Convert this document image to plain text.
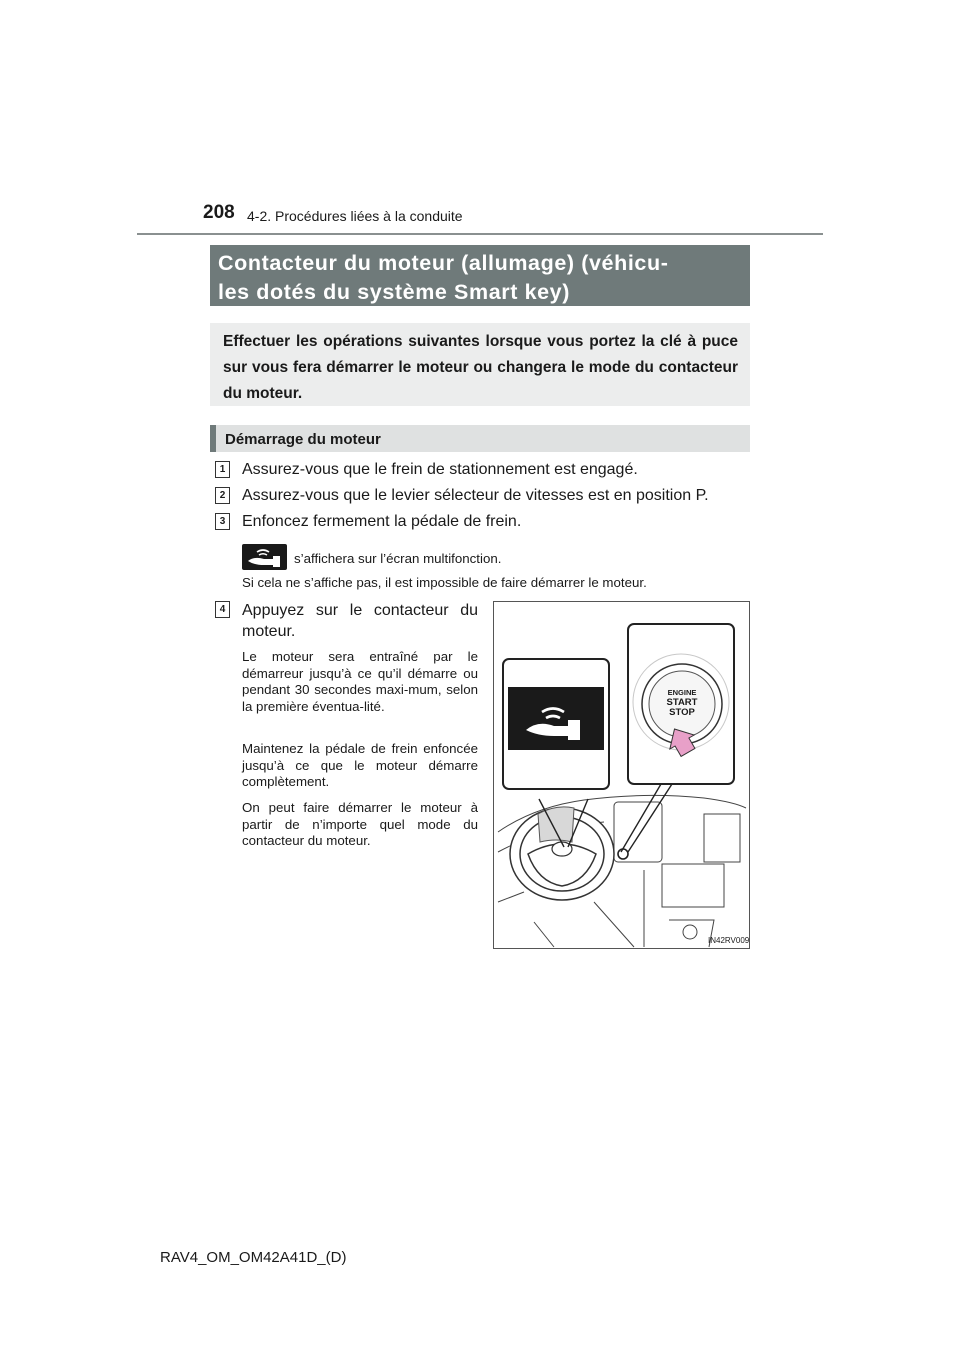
208 4-2. Procédures liées à la conduite
Contacteur du moteur (allumage) (véhicu-
les dotés du système Smart key)
Effectuer les opérations suivantes lorsque vous portez la clé à puce sur vous fera démarrer le moteur ou changera le mode du contacteur du moteur.
Démarrage du moteur
1 Assurez-vous que le frein de stationnement est engagé.
2 Assurez-vous que le levier sélecteur de vitesses est en position P.
3 Enfoncez fermement la pédale de frein.
s’affichera sur l’écran multifonction.
Si cela ne s’affiche pas, il est impossible de faire démarrer le moteur.
4 Appuyez sur le contacteur du
moteur.
Le moteur sera entraîné par le démarreur jusqu’à ce qu’il démarre ou pendant 30 secondes maxi-mum, selon la première éventua-lité.
Maintenez la pédale de frein enfoncée jusqu’à ce que le moteur démarre complètement.
On peut faire démarrer le moteur à partir de n’importe quel mode du contacteur du moteur.
ENGINE
START
STOP
IN42RV009
RAV4_OM_OM42A41D_(D)
